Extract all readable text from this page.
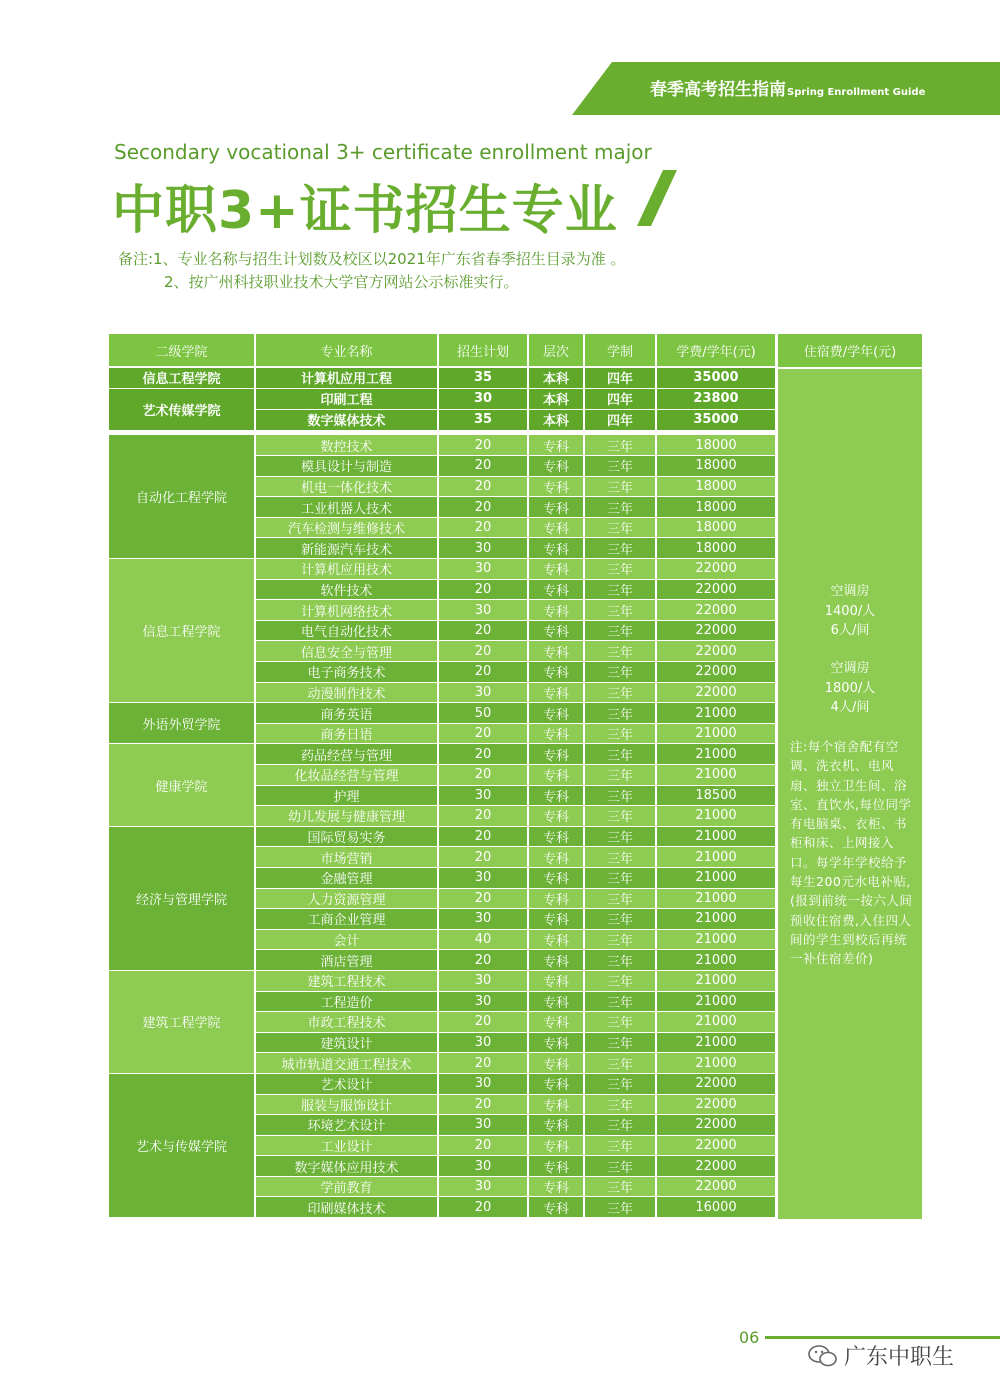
春季高考招生指南Spring Enrollment Guide
Secondary vocational 3+ certificate enrollment major
中职3+证书招生专业
备注:1、专业名称与招生计划数及校区以2021年广东省春季招生目录为准 。
2、按广州科技职业技术大学官方网站公示标准实行。
二级学院	专业名称	招生计划	层次	学制	学费/学年(元)
信息工程学院	计算机应用工程	35	本科	四年	35000
艺术传媒学院	印刷工程	30	本科	四年	23800
	数字媒体技术	35	本科	四年	35000

自动化工程学院	数控技术	20	专科	三年	18000
	模具设计与制造	20	专科	三年	18000
	机电一体化技术	20	专科	三年	18000
	工业机器人技术	20	专科	三年	18000
	汽车检测与维修技术	20	专科	三年	18000
	新能源汽车技术	30	专科	三年	18000
信息工程学院	计算机应用技术	30	专科	三年	22000
	软件技术	20	专科	三年	22000
	计算机网络技术	30	专科	三年	22000
	电气自动化技术	20	专科	三年	22000
	信息安全与管理	20	专科	三年	22000
	电子商务技术	20	专科	三年	22000
	动漫制作技术	30	专科	三年	22000
外语外贸学院	商务英语	50	专科	三年	21000
	商务日语	20	专科	三年	21000
健康学院	药品经营与管理	20	专科	三年	21000
	化妆品经营与管理	20	专科	三年	21000
	护理	30	专科	三年	18500
	幼儿发展与健康管理	20	专科	三年	21000
经济与管理学院	国际贸易实务	20	专科	三年	21000
	市场营销	20	专科	三年	21000
	金融管理	30	专科	三年	21000
	人力资源管理	20	专科	三年	21000
	工商企业管理	30	专科	三年	21000
	会计	40	专科	三年	21000
	酒店管理	20	专科	三年	21000
建筑工程学院	建筑工程技术	30	专科	三年	21000
	工程造价	30	专科	三年	21000
	市政工程技术	20	专科	三年	21000
	建筑设计	30	专科	三年	21000
	城市轨道交通工程技术	20	专科	三年	21000
艺术与传媒学院	艺术设计	30	专科	三年	22000
	服装与服饰设计	20	专科	三年	22000
	环境艺术设计	30	专科	三年	22000
	工业设计	20	专科	三年	22000
	数字媒体应用技术	30	专科	三年	22000
	学前教育	30	专科	三年	22000
	印刷媒体技术	20	专科	三年	16000
住宿费/学年(元)
空调房
1400/人
6人/间
空调房
1800/人
4人/间
注:每个宿舍配有空调、洗衣机、电风扇、独立卫生间、浴室、直饮水,每位同学有电脑桌、衣柜、书柜和床、上网接入口。每学年学校给予每生200元水电补贴,(报到前统一按六人间预收住宿费,入住四人间的学生到校后再统一补住宿差价)
06
广东中职生
